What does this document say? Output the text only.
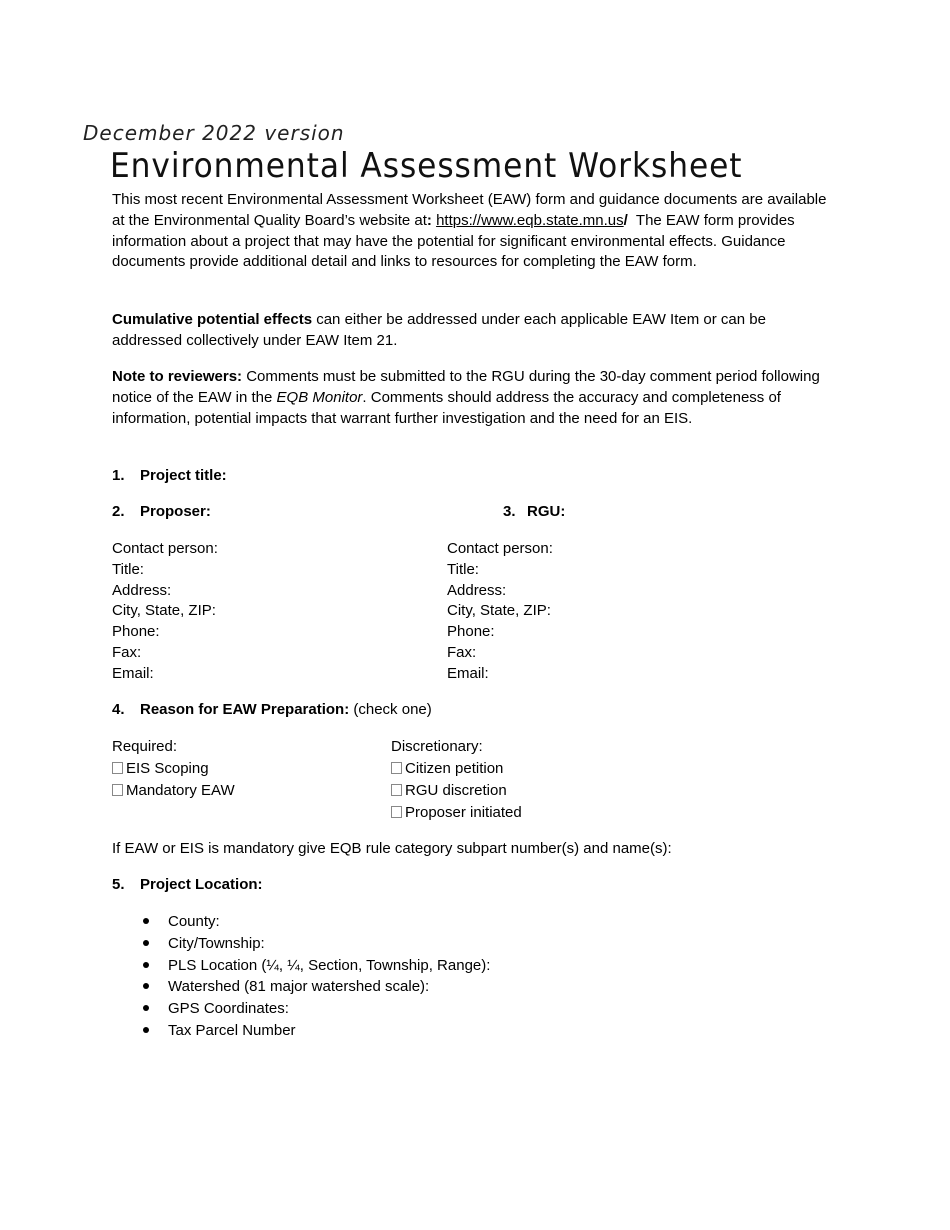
December 2022 version
Environmental Assessment Worksheet
This most recent Environmental Assessment Worksheet (EAW) form and guidance documents are available at the Environmental Quality Board’s website at: https://www.eqb.state.mn.us/ The EAW form provides information about a project that may have the potential for significant environmental effects. Guidance documents provide additional detail and links to resources for completing the EAW form.
Cumulative potential effects can either be addressed under each applicable EAW Item or can be addressed collectively under EAW Item 21.
Note to reviewers: Comments must be submitted to the RGU during the 30-day comment period following notice of the EAW in the EQB Monitor. Comments should address the accuracy and completeness of information, potential impacts that warrant further investigation and the need for an EIS.
1. Project title:
2. Proposer:	3. RGU:
Contact person:
Title:
Address:
City, State, ZIP:
Phone:
Fax:
Email:
Contact person:
Title:
Address:
City, State, ZIP:
Phone:
Fax:
Email:
4. Reason for EAW Preparation: (check one)
Required:
EIS Scoping
Mandatory EAW
Discretionary:
Citizen petition
RGU discretion
Proposer initiated
If EAW or EIS is mandatory give EQB rule category subpart number(s) and name(s):
5. Project Location:
County:
City/Township:
PLS Location (¼, ¼, Section, Township, Range):
Watershed (81 major watershed scale):
GPS Coordinates:
Tax Parcel Number
